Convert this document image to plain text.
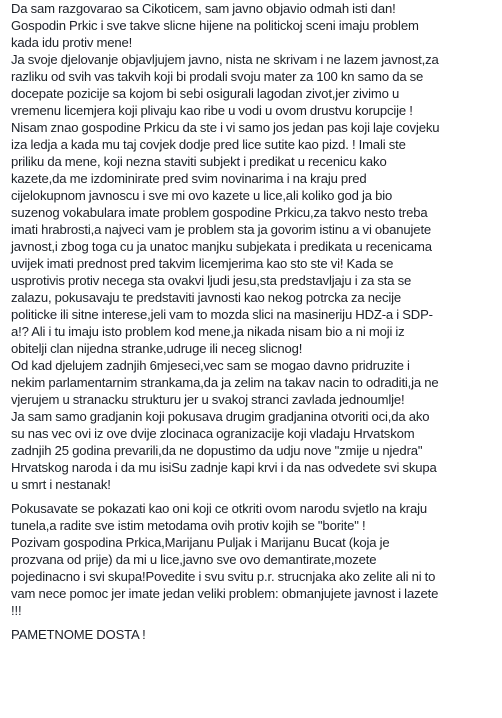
Da sam razgovarao sa Cikoticem, sam javno objavio odmah isti dan!
Gospodin Prkic i sve takve slicne hijene na politickoj sceni imaju problem
kada idu protiv mene!
Ja svoje djelovanje objavljujem javno, nista ne skrivam i ne lazem javnost,za
razliku od svih vas takvih koji bi prodali svoju mater za 100 kn samo da se
docepate pozicije sa kojom bi sebi osigurali lagodan zivot,jer zivimo u
vremenu licemjera koji plivaju kao ribe u vodi u ovom drustvu korupcije !
Nisam znao gospodine Prkicu da ste i vi samo jos jedan pas koji laje covjeku
iza ledja a kada mu taj covjek dodje pred lice sutite kao pizd. ! Imali ste
priliku da mene, koji nezna staviti subjekt i predikat u recenicu kako
kazete,da me izdominirate pred svim novinarima i na kraju pred
cijelokupnom javnoscu i sve mi ovo kazete u lice,ali koliko god ja bio
suzenog vokabulara imate problem gospodine Prkicu,za takvo nesto treba
imati hrabrosti,a najveci vam je problem sta ja govorim istinu a vi obanujete
javnost,i zbog toga cu ja unatoc manjku subjekata i predikata u recenicama
uvijek imati prednost pred takvim licemjerima kao sto ste vi! Kada se
usprotivis protiv necega sta ovakvi ljudi jesu,sta predstavljaju i za sta se
zalazu, pokusavaju te predstaviti javnosti kao nekog potrcka za necije
politicke ili sitne interese,jeli vam to mozda slici na masineriju HDZ-a i SDP-
a!? Ali i tu imaju isto problem kod mene,ja nikada nisam bio a ni moji iz
obitelji clan nijedna stranke,udruge ili neceg slicnog!
Od kad djelujem zadnjih 6mjeseci,vec sam se mogao davno pridruzite i
nekim parlamentarnim strankama,da ja zelim na takav nacin to odraditi,ja ne
vjerujem u stranacku strukturu jer u svakoj stranci zavlada jednoumlje!
Ja sam samo gradjanin koji pokusava drugim gradjanina otvoriti oci,da ako
su nas vec ovi iz ove dvije zlocinaca ogranizacije koji vladaju Hrvatskom
zadnjih 25 godina prevarili,da ne dopustimo da udju nove "zmije u njedra"
Hrvatskog naroda i da mu isiSu zadnje kapi krvi i da nas odvedete svi skupa
u smrt i nestanak!
Pokusavate se pokazati kao oni koji ce otkriti ovom narodu svjetlo na kraju
tunela,a radite sve istim metodama ovih protiv kojih se "borite" !
Pozivam gospodina Prkica,Marijanu Puljak i Marijanu Bucat (koja je
prozvana od prije) da mi u lice,javno sve ovo demantirate,mozete
pojedinacno i svi skupa!Povedite i svu svitu p.r. strucnjaka ako zelite ali ni to
vam nece pomoc jer imate jedan veliki problem: obmanjujete javnost i lazete
!!!
PAMETNOME DOSTA !
